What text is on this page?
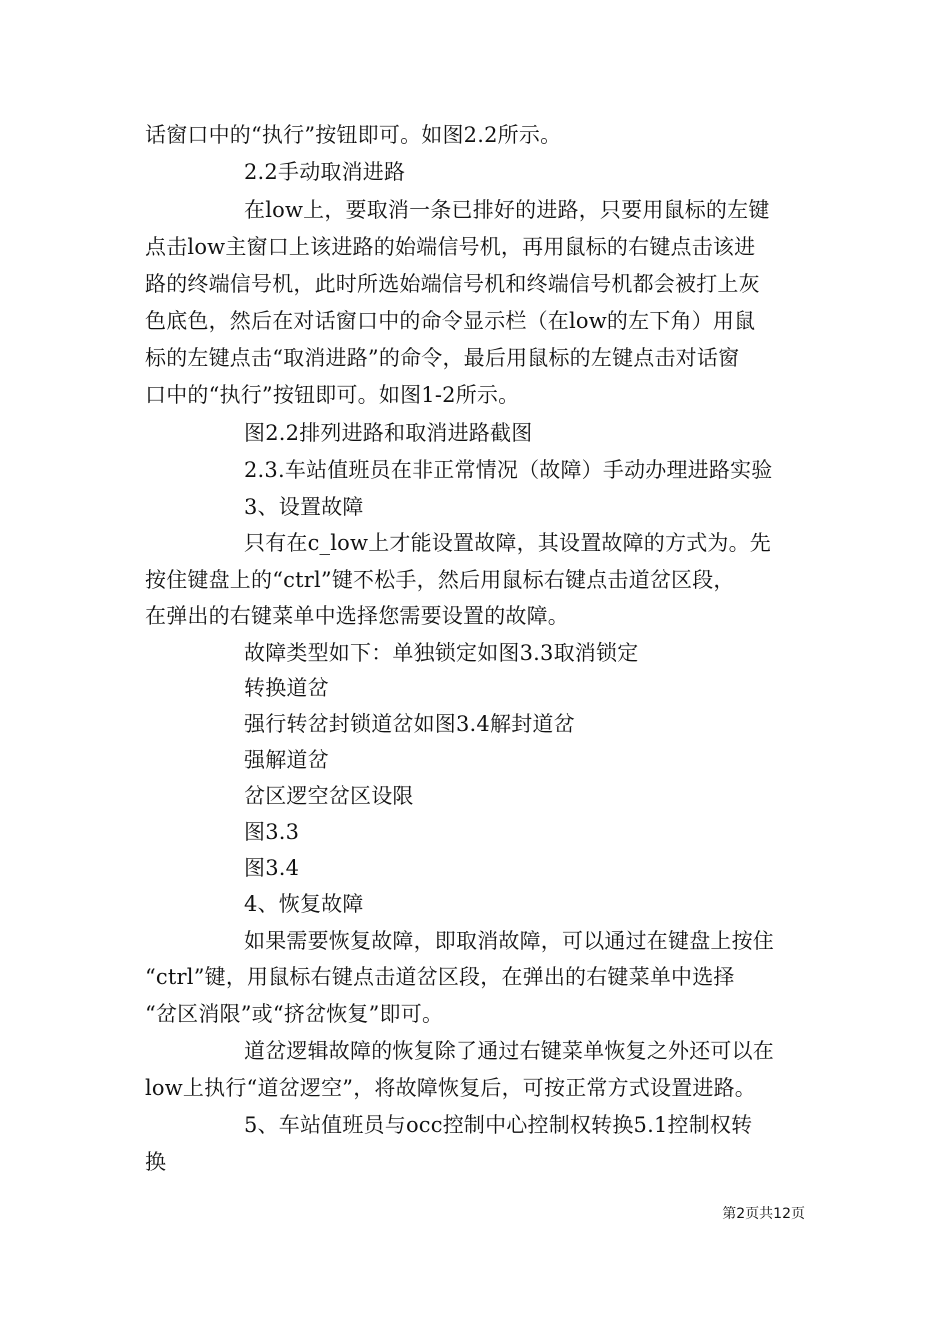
话窗口中的“执行”按钮即可。如图2.2所示。
2.2手动取消进路
在low上，要取消一条已排好的进路，只要用鼠标的左键
点击low主窗口上该进路的始端信号机，再用鼠标的右键点击该进
路的终端信号机，此时所选始端信号机和终端信号机都会被打上灰
色底色，然后在对话窗口中的命令显示栏（在low的左下角）用鼠
标的左键点击“取消进路”的命令，最后用鼠标的左键点击对话窗
口中的“执行”按钮即可。如图1-2所示。
图2.2排列进路和取消进路截图
2.3.车站值班员在非正常情况（故障）手动办理进路实验
3、设置故障
只有在c_low上才能设置故障，其设置故障的方式为。先
按住键盘上的“ctrl”键不松手，然后用鼠标右键点击道岔区段，
在弹出的右键菜单中选择您需要设置的故障。
故障类型如下：单独锁定如图3.3取消锁定
转换道岔
强行转岔封锁道岔如图3.4解封道岔
强解道岔
岔区逻空岔区设限
图3.3
图3.4
4、恢复故障
如果需要恢复故障，即取消故障，可以通过在键盘上按住
“ctrl”键，用鼠标右键点击道岔区段，在弹出的右键菜单中选择
“岔区消限”或“挤岔恢复”即可。
道岔逻辑故障的恢复除了通过右键菜单恢复之外还可以在
low上执行“道岔逻空”，将故障恢复后，可按正常方式设置进路。
5、车站值班员与occ控制中心控制权转换5.1控制权转
换
第2页共12页
